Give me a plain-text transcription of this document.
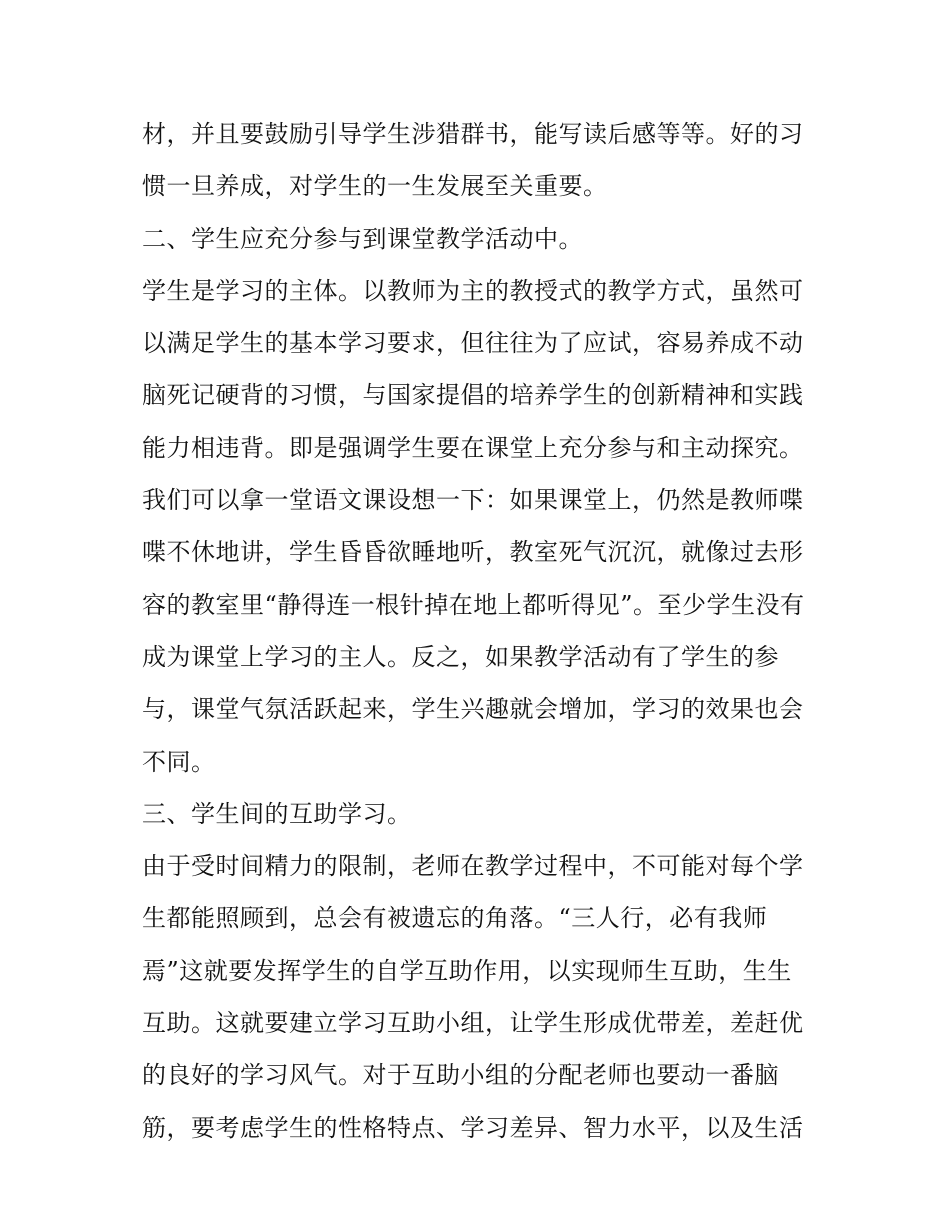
材，并且要鼓励引导学生涉猎群书，能写读后感等等。好的习
惯一旦养成，对学生的一生发展至关重要。
二、学生应充分参与到课堂教学活动中。
学生是学习的主体。以教师为主的教授式的教学方式，虽然可
以满足学生的基本学习要求，但往往为了应试，容易养成不动
脑死记硬背的习惯，与国家提倡的培养学生的创新精神和实践
能力相违背。即是强调学生要在课堂上充分参与和主动探究。
我们可以拿一堂语文课设想一下：如果课堂上，仍然是教师喋
喋不休地讲，学生昏昏欲睡地听，教室死气沉沉，就像过去形
容的教室里“静得连一根针掉在地上都听得见”。至少学生没有
成为课堂上学习的主人。反之，如果教学活动有了学生的参
与，课堂气氛活跃起来，学生兴趣就会增加，学习的效果也会
不同。
三、学生间的互助学习。
由于受时间精力的限制，老师在教学过程中，不可能对每个学
生都能照顾到，总会有被遗忘的角落。“三人行，必有我师
焉”这就要发挥学生的自学互助作用，以实现师生互助，生生
互助。这就要建立学习互助小组，让学生形成优带差，差赶优
的良好的学习风气。对于互助小组的分配老师也要动一番脑
筋，要考虑学生的性格特点、学习差异、智力水平，以及生活
